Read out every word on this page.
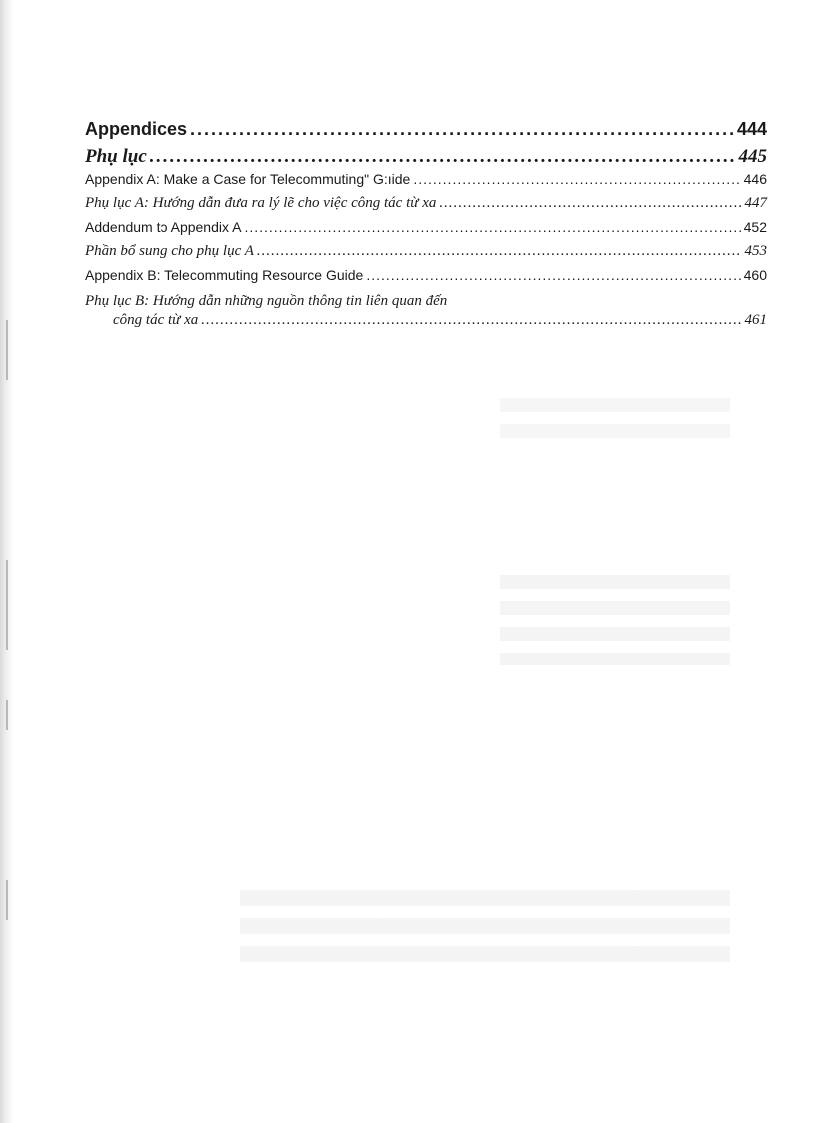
Appendices .....	444
Phụ lục .....	445
Appendix A: Make a Case for Telecommuting" G:ıide .....	446
Phụ lục A: Hướng dẫn đưa ra lý lẽ cho việc công tác từ xa .....	447
Addendum tɔ Appendix A .....	452
Phần bổ sung cho phụ lục A .....	453
Appendix B: Telecommuting Resource Guide .....	460
Phụ lục B: Hướng dẫn những nguồn thông tin liên quan đến
công tác từ xa .....	461
